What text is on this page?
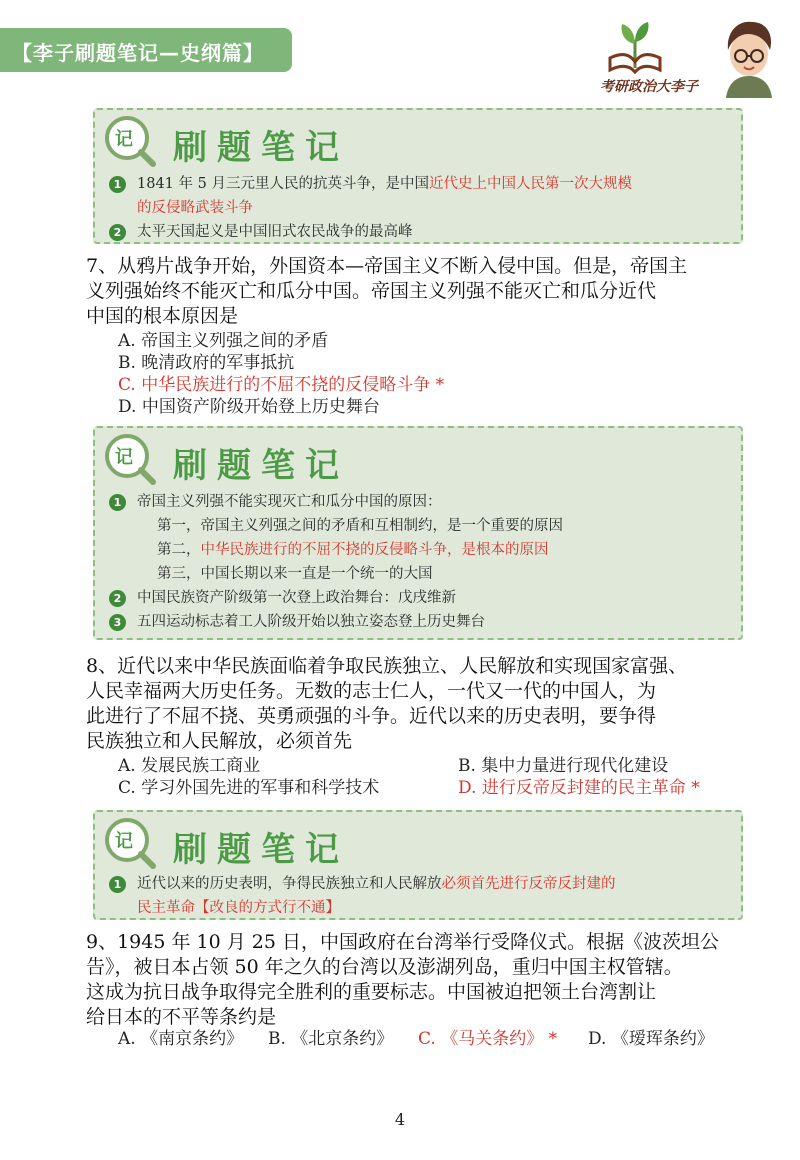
【李子刷题笔记—史纲篇】
考研政治大李子
记 刷题笔记
1	1841 年 5 月三元里人民的抗英斗争，是中国近代史上中国人民第一次大规模
的反侵略武装斗争
2	太平天国起义是中国旧式农民战争的最高峰
7、从鸦片战争开始，外国资本—帝国主义不断入侵中国。但是，帝国主
义列强始终不能灭亡和瓜分中国。帝国主义列强不能灭亡和瓜分近代
中国的根本原因是
A. 帝国主义列强之间的矛盾
B. 晚清政府的军事抵抗
C. 中华民族进行的不屈不挠的反侵略斗争 *
D. 中国资产阶级开始登上历史舞台
记 刷题笔记
1	帝国主义列强不能实现灭亡和瓜分中国的原因：
第一，帝国主义列强之间的矛盾和互相制约，是一个重要的原因
第二，中华民族进行的不屈不挠的反侵略斗争，是根本的原因
第三，中国长期以来一直是一个统一的大国
2	中国民族资产阶级第一次登上政治舞台：戊戌维新
3	五四运动标志着工人阶级开始以独立姿态登上历史舞台
8、近代以来中华民族面临着争取民族独立、人民解放和实现国家富强、
人民幸福两大历史任务。无数的志士仁人，一代又一代的中国人，为
此进行了不屈不挠、英勇顽强的斗争。近代以来的历史表明，要争得
民族独立和人民解放，必须首先
A. 发展民族工商业	B. 集中力量进行现代化建设
C. 学习外国先进的军事和科学技术	D. 进行反帝反封建的民主革命 *
记 刷题笔记
1	近代以来的历史表明，争得民族独立和人民解放必须首先进行反帝反封建的
民主革命【改良的方式行不通】
9、1945 年 10 月 25 日，中国政府在台湾举行受降仪式。根据《波茨坦公
告》，被日本占领 50 年之久的台湾以及澎湖列岛，重归中国主权管辖。
这成为抗日战争取得完全胜利的重要标志。中国被迫把领土台湾割让
给日本的不平等条约是
A. 《南京条约》 B. 《北京条约》 C. 《马关条约》 * D. 《瑷珲条约》
4
